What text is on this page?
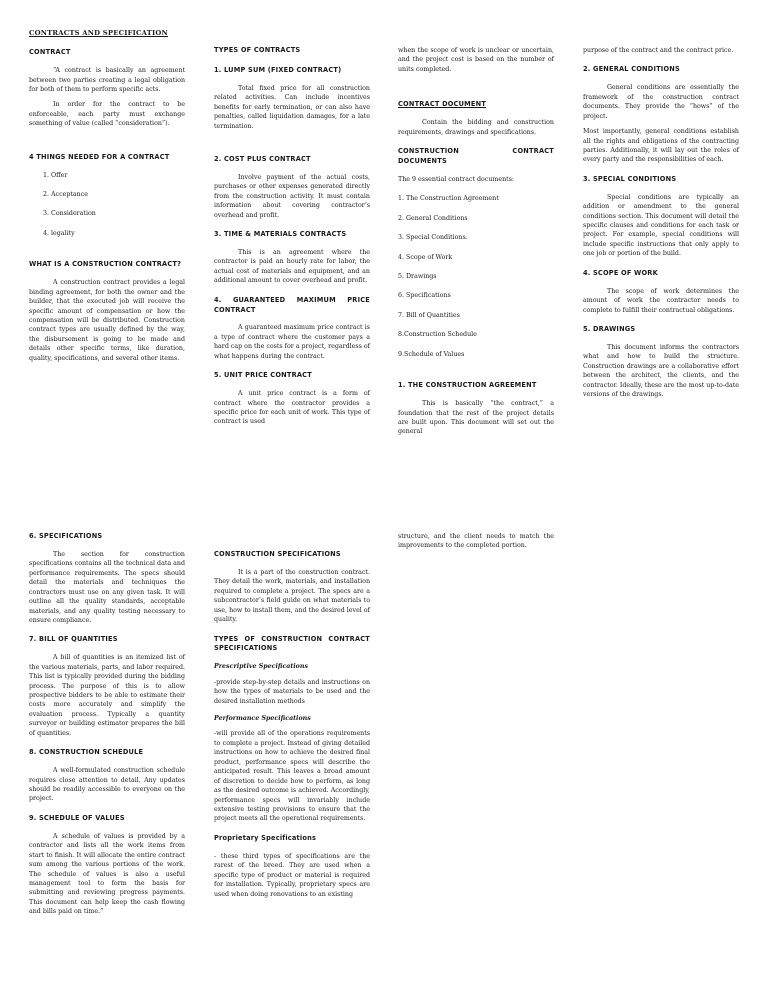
CONTRACTS AND SPECIFICATION
CONTRACT

“A contract is basically an agreement between two parties creating a legal obligation for both of them to perform specific acts.

In order for the contract to be enforceable, each party must exchange something of value (called “consideration”).

4 THINGS NEEDED FOR A CONTRACT
1. Offer
2. Acceptance
3. Consideration
4. legality
WHAT IS A CONSTRUCTION CONTRACT?

A construction contract provides a legal binding agreement, for both the owner and the builder, that the executed job will receive the specific amount of compensation or how the compensation will be distributed. Construction contract types are usually defined by the way, the disbursement is going to be made and details other specific terms, like duration, quality, specifications, and several other items.

TYPES OF CONTRACTS
1. LUMP SUM (FIXED CONTRACT)

Total fixed price for all construction related activities. Can include incentives benefits for early termination, or can also have penalties, called liquidation damages, for a late termination.

2. COST PLUS CONTRACT

Involve payment of the actual costs, purchases or other expenses generated directly from the construction activity. It must contain information about covering contractor’s overhead and profit.

3. TIME & MATERIALS CONTRACTS

This is an agreement where the contractor is paid an hourly rate for labor, the actual cost of materials and equipment, and an additional amount to cover overhead and profit.

4. GUARANTEED MAXIMUM PRICE CONTRACT

A guaranteed maximum price contract is a type of contract where the customer pays a hard cap on the costs for a project, regardless of what happens during the contract.

5. UNIT PRICE CONTRACT

A unit price contract is a form of contract where the contractor provides a specific price for each unit of work. This type of contract is used

when the scope of work is unclear or uncertain, and the project cost is based on the number of units completed.

CONTRACT DOCUMENT

Contain the bidding and construction requirements, drawings and specifications.

CONSTRUCTION CONTRACT DOCUMENTS

The 9 essential contract documents:

1. The Construction Agreement
2. General Conditions
3. Special Conditions.
4. Scope of Work
5. Drawings
6. Specifications
7. Bill of Quantities
8.Construction Schedule
9.Schedule of Values
1. THE CONSTRUCTION AGREEMENT

This is basically “the contract,” a foundation that the rest of the project details are built upon. This document will set out the general

purpose of the contract and the contract price.

2. GENERAL CONDITIONS

General conditions are essentially the framework of the construction contract documents. They provide the “hows” of the project.

Most importantly, general conditions establish all the rights and obligations of the contracting parties. Additionally, it will lay out the roles of every party and the responsibilities of each.

3. SPECIAL CONDITIONS

Special conditions are typically an addition or amendment to the general conditions section. This document will detail the specific clauses and conditions for each task or project. For example, special conditions will include specific instructions that only apply to one job or portion of the build.

4. SCOPE OF WORK

The scope of work determines the amount of work the contractor needs to complete to fulfill their contractual obligations.

5. DRAWINGS

This document informs the contractors what and how to build the structure. Construction drawings are a collaborative effort between the architect, the clients, and the contractor. Ideally, these are the most up-to-date versions of the drawings.

6. SPECIFICATIONS

The section for construction specifications contains all the technical data and performance requirements. The specs should detail the materials and techniques the contractors must use on any given task. It will outline all the quality standards, acceptable materials, and any quality testing necessary to ensure compliance.

7. BILL OF QUANTITIES

A bill of quantities is an itemized list of the various materials, parts, and labor required. This list is typically provided during the bidding process. The purpose of this is to allow prospective bidders to be able to estimate their costs more accurately and simplify the evaluation process. Typically a quantity surveyor or building estimator prepares the bill of quantities.

8. CONSTRUCTION SCHEDULE

A well-formulated construction schedule requires close attention to detail. Any updates should be readily accessible to everyone on the project.

9. SCHEDULE OF VALUES

A schedule of values is provided by a contractor and lists all the work items from start to finish. It will allocate the entire contract sum among the various portions of the work. The schedule of values is also a useful management tool to form the basis for submitting and reviewing progress payments. This document can help keep the cash flowing and bills paid on time.”

CONSTRUCTION SPECIFICATIONS

It is a part of the construction contract. They detail the work, materials, and installation required to complete a project. The specs are a subcontractor’s field guide on what materials to use, how to install them, and the desired level of quality.

TYPES OF CONSTRUCTION CONTRACT SPECIFICATIONS
Prescriptive Specifications

-provide step-by-step details and instructions on how the types of materials to be used and the desired installation methods

Performance Specifications

-will provide all of the operations requirements to complete a project. Instead of giving detailed instructions on how to achieve the desired final product, performance specs will describe the anticipated result. This leaves a broad amount of discretion to decide how to perform, as long as the desired outcome is achieved. Accordingly, performance specs will invariably include extensive testing provisions to ensure that the project meets all the operational requirements.

Proprietary Specifications

- these third types of specifications are the rarest of the breed. They are used when a specific type of product or material is required for installation. Typically, proprietary specs are used when doing renovations to an existing

structure, and the client needs to match the improvements to the completed portion.
